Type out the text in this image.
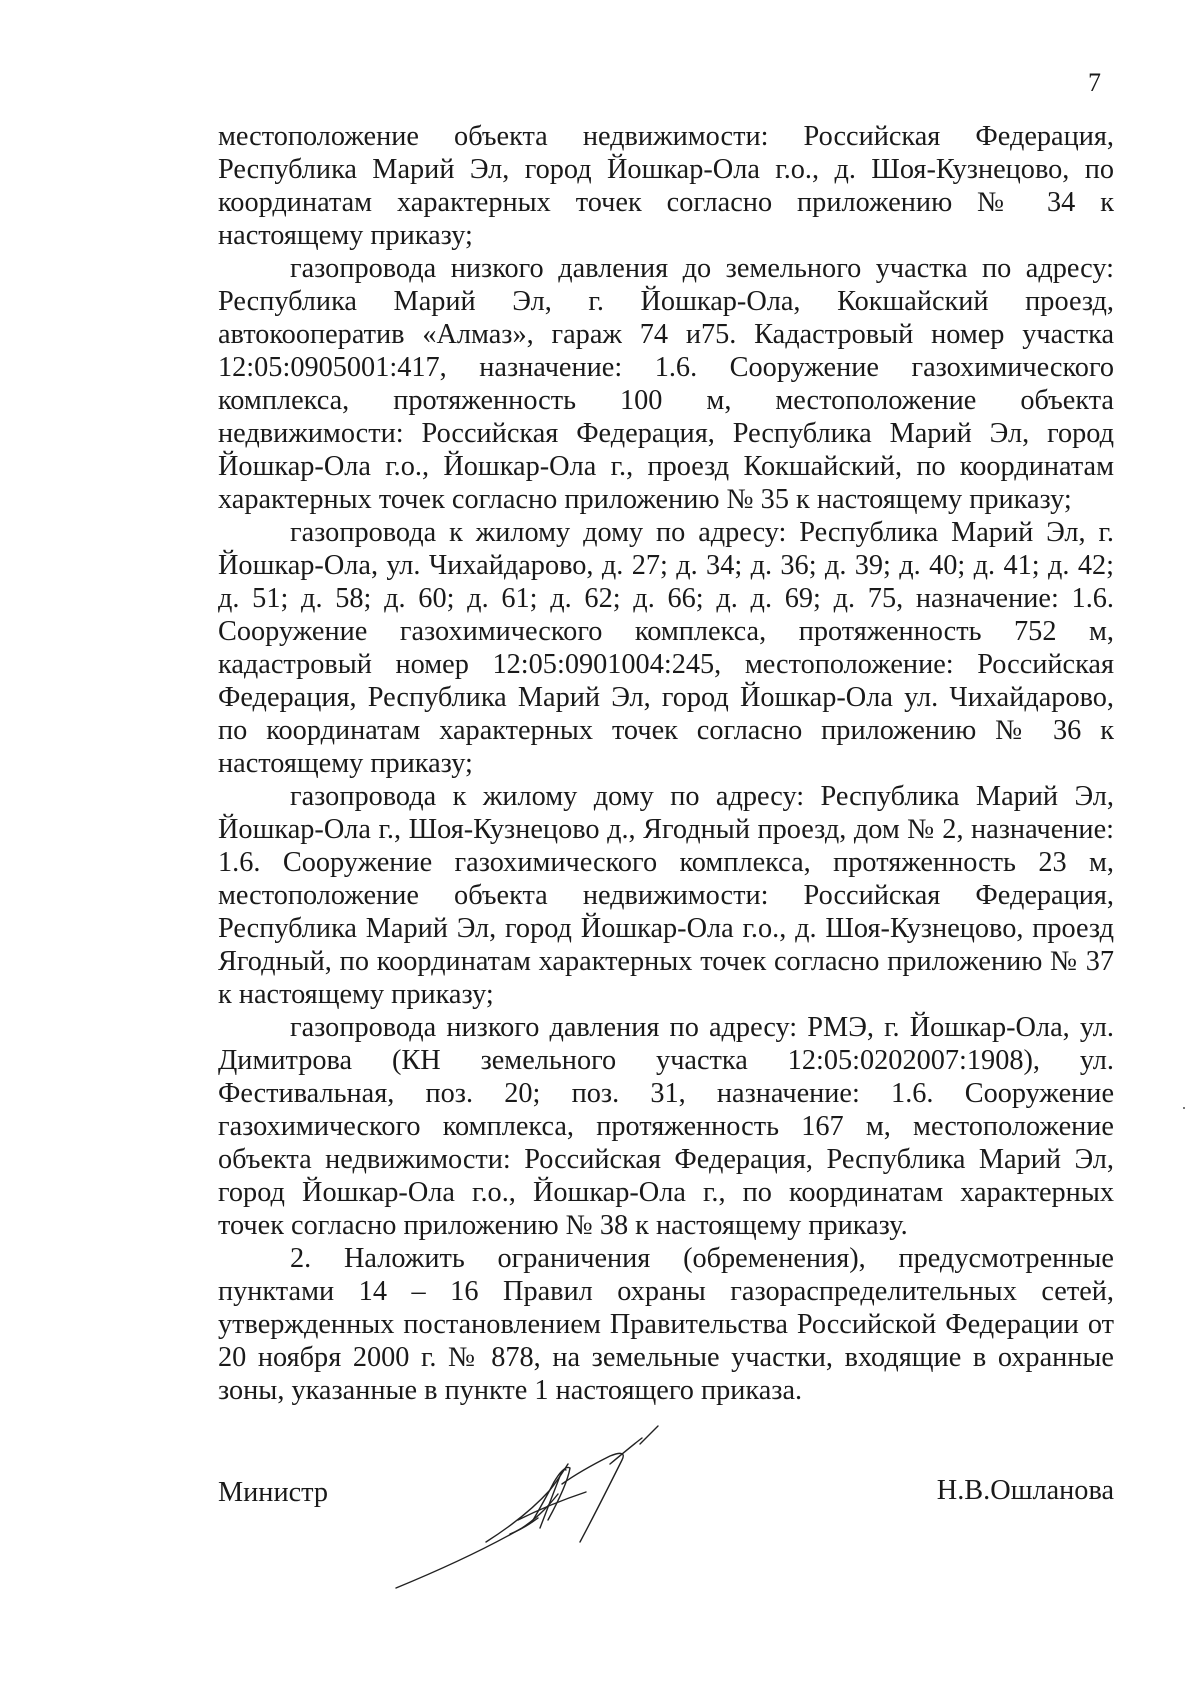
7

местоположение объекта недвижимости: Российская Федерация, Республика Марий Эл, город Йошкар-Ола г.о., д. Шоя-Кузнецово, по координатам характерных точек согласно приложению № 34 к настоящему приказу;

газопровода низкого давления до земельного участка по адресу: Республика Марий Эл, г. Йошкар-Ола, Кокшайский проезд, автокооператив «Алмаз», гараж 74 и75. Кадастровый номер участка 12:05:0905001:417, назначение: 1.6. Сооружение газохимического комплекса, протяженность 100 м, местоположение объекта недвижимости: Российская Федерация, Республика Марий Эл, город Йошкар-Ола г.о., Йошкар-Ола г., проезд Кокшайский, по координатам характерных точек согласно приложению № 35 к настоящему приказу;

газопровода к жилому дому по адресу: Республика Марий Эл, г. Йошкар-Ола, ул. Чихайдарово, д. 27; д. 34; д. 36; д. 39; д. 40; д. 41; д. 42; д. 51; д. 58; д. 60; д. 61; д. 62; д. 66; д. д. 69; д. 75, назначение: 1.6. Сооружение газохимического комплекса, протяженность 752 м, кадастровый номер 12:05:0901004:245, местоположение: Российская Федерация, Республика Марий Эл, город Йошкар-Ола ул. Чихайдарово, по координатам характерных точек согласно приложению № 36 к настоящему приказу;

газопровода к жилому дому по адресу: Республика Марий Эл, Йошкар-Ола г., Шоя-Кузнецово д., Ягодный проезд, дом № 2, назначение: 1.6. Сооружение газохимического комплекса, протяженность 23 м, местоположение объекта недвижимости: Российская Федерация, Республика Марий Эл, город Йошкар-Ола г.о., д. Шоя-Кузнецово, проезд Ягодный, по координатам характерных точек согласно приложению № 37 к настоящему приказу;

газопровода низкого давления по адресу: РМЭ, г. Йошкар-Ола, ул. Димитрова (КН земельного участка 12:05:0202007:1908), ул. Фестивальная, поз. 20; поз. 31, назначение: 1.6. Сооружение газохимического комплекса, протяженность 167 м, местоположение объекта недвижимости: Российская Федерация, Республика Марий Эл, город Йошкар-Ола г.о., Йошкар-Ола г., по координатам характерных точек согласно приложению № 38 к настоящему приказу.

2. Наложить ограничения (обременения), предусмотренные пунктами 14 – 16 Правил охраны газораспределительных сетей, утвержденных постановлением Правительства Российской Федерации от 20 ноября 2000 г. № 878, на земельные участки, входящие в охранные зоны, указанные в пункте 1 настоящего приказа.

Министр	Н.В.Ошланова
